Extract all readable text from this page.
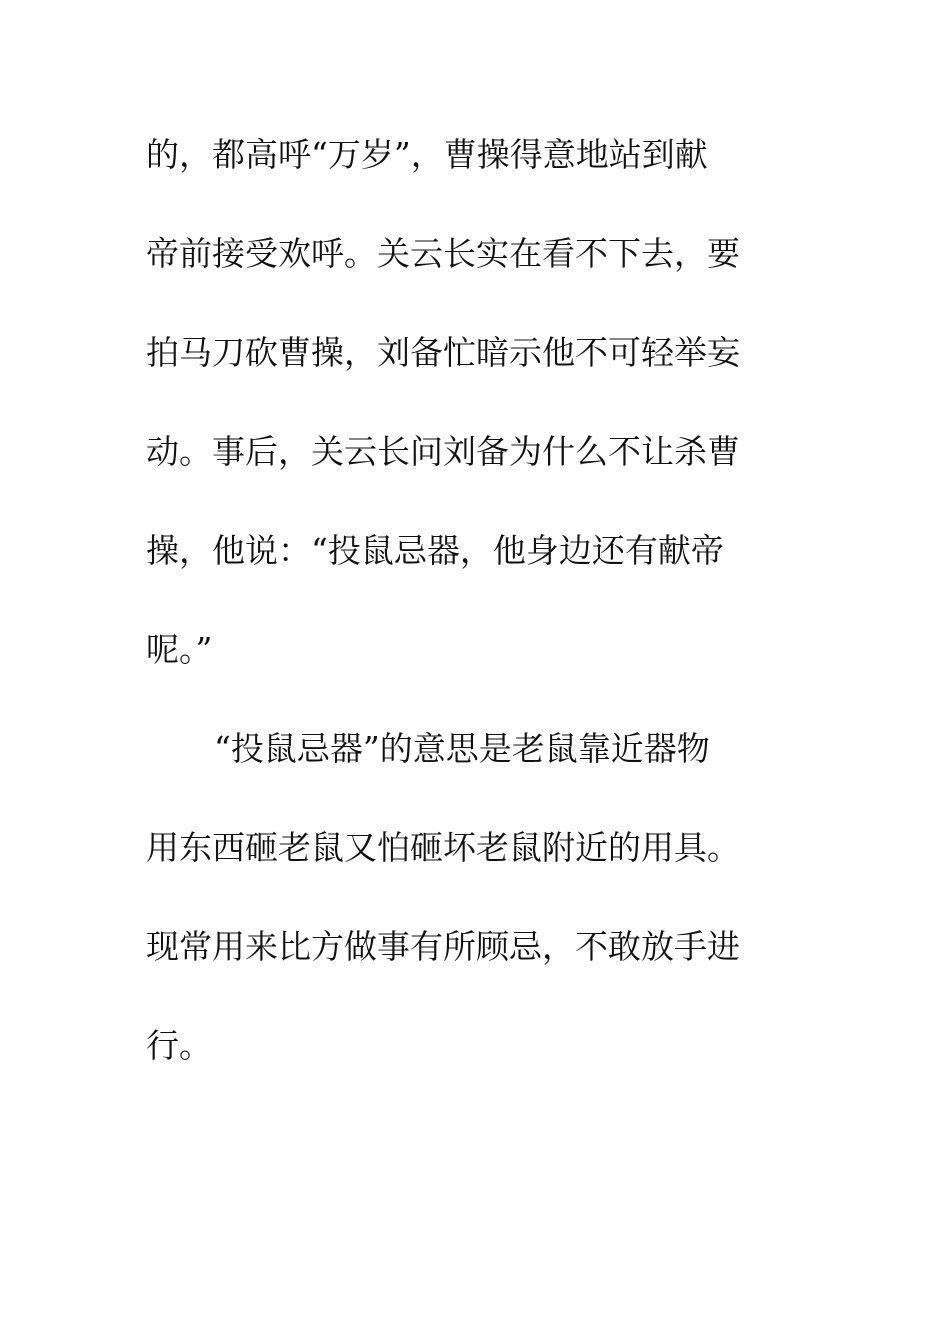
的，都高呼“万岁”，曹操得意地站到献
帝前接受欢呼。关云长实在看不下去，要
拍马刀砍曹操，刘备忙暗示他不可轻举妄
动。事后，关云长问刘备为什么不让杀曹
操，他说：“投鼠忌器，他身边还有献帝
呢。”
“投鼠忌器”的意思是老鼠靠近器物
用东西砸老鼠又怕砸坏老鼠附近的用具。
现常用来比方做事有所顾忌，不敢放手进
行。
